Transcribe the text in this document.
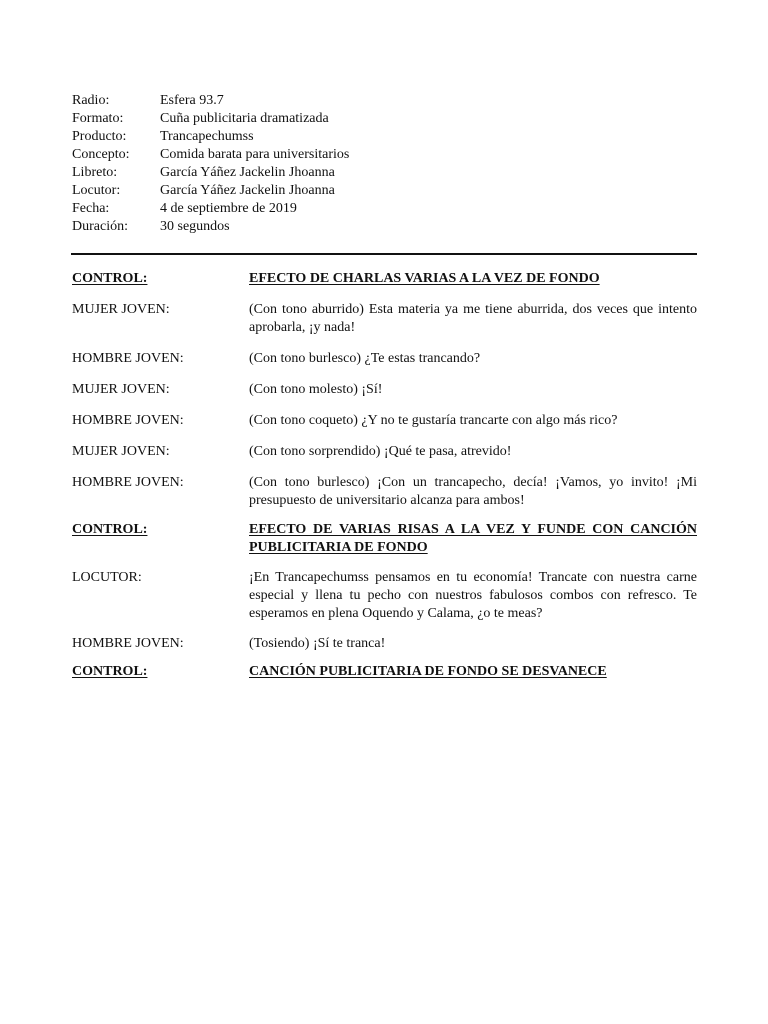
Radio:	Esfera 93.7
Formato:	Cuña publicitaria dramatizada
Producto:	Trancapechumss
Concepto:	Comida barata para universitarios
Libreto:	García Yáñez Jackelin Jhoanna
Locutor:	García Yáñez Jackelin Jhoanna
Fecha:	4 de septiembre de 2019
Duración:	30 segundos
CONTROL:	EFECTO DE CHARLAS VARIAS A LA VEZ DE FONDO
MUJER JOVEN:	(Con tono aburrido) Esta materia ya me tiene aburrida, dos veces que intento aprobarla, ¡y nada!
HOMBRE JOVEN:	(Con tono burlesco) ¿Te estas trancando?
MUJER JOVEN:	(Con tono molesto) ¡Sí!
HOMBRE JOVEN:	(Con tono coqueto) ¿Y no te gustaría trancarte con algo más rico?
MUJER JOVEN:	(Con tono sorprendido) ¡Qué te pasa, atrevido!
HOMBRE JOVEN:	(Con tono burlesco) ¡Con un trancapecho, decía! ¡Vamos, yo invito! ¡Mi presupuesto de universitario alcanza para ambos!
CONTROL:	EFECTO DE VARIAS RISAS A LA VEZ Y FUNDE CON CANCIÓN PUBLICITARIA DE FONDO
LOCUTOR:	¡En Trancapechumss pensamos en tu economía! Trancate con nuestra carne especial y llena tu pecho con nuestros fabulosos combos con refresco. Te esperamos en plena Oquendo y Calama, ¿o te meas?
HOMBRE JOVEN:	(Tosiendo) ¡Sí te tranca!
CONTROL:	CANCIÓN PUBLICITARIA DE FONDO SE DESVANECE
